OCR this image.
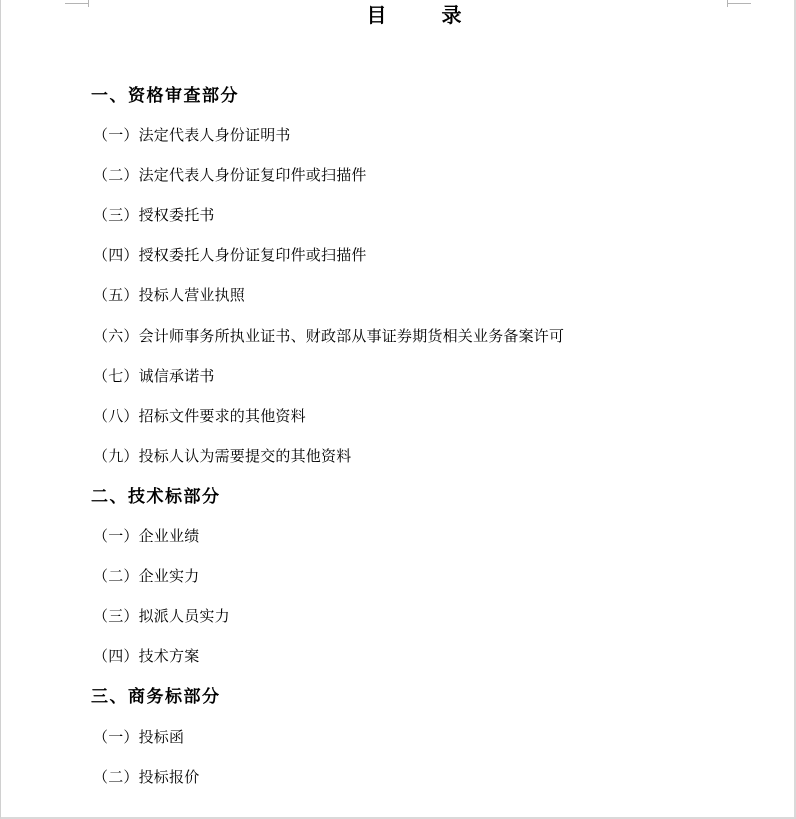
目	录
一、资格审查部分
（一）法定代表人身份证明书
（二）法定代表人身份证复印件或扫描件
（三）授权委托书
（四）授权委托人身份证复印件或扫描件
（五）投标人营业执照
（六）会计师事务所执业证书、财政部从事证券期货相关业务备案许可
（七）诚信承诺书
（八）招标文件要求的其他资料
（九）投标人认为需要提交的其他资料
二、技术标部分
（一）企业业绩
（二）企业实力
（三）拟派人员实力
（四）技术方案
三、商务标部分
（一）投标函
（二）投标报价
